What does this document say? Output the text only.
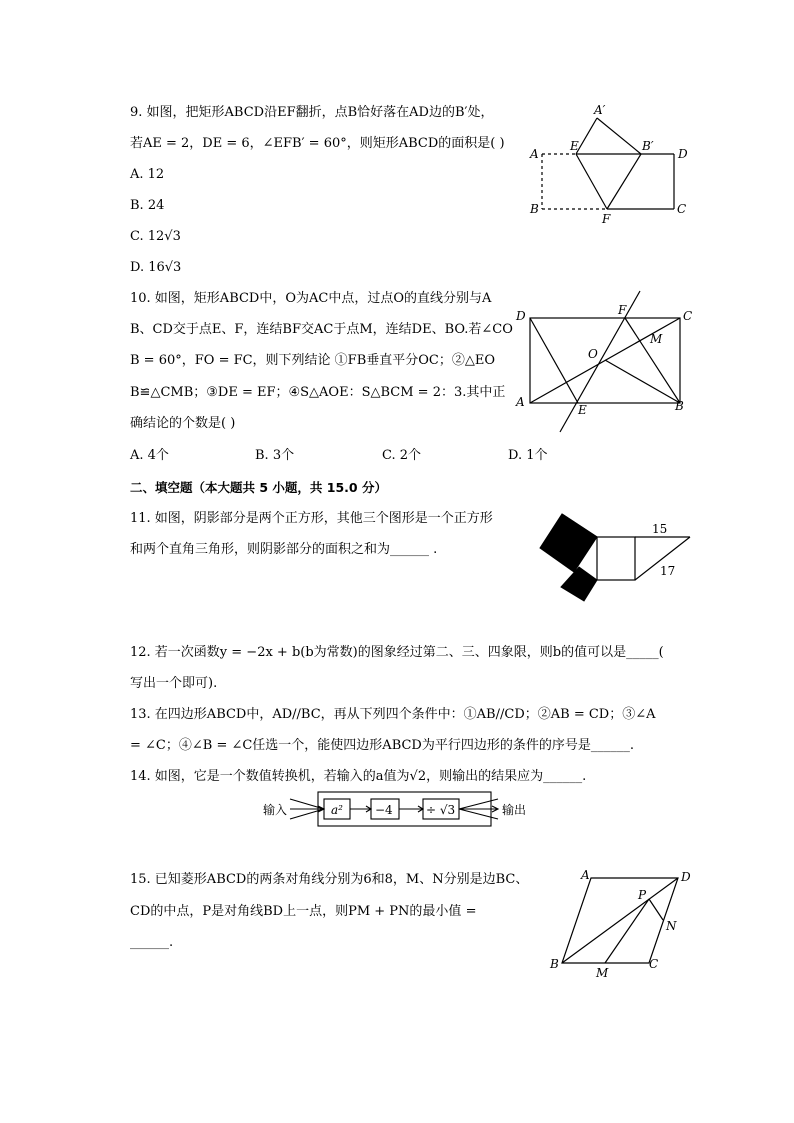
9. 如图，把矩形ABCD沿EF翻折，点B恰好落在AD边的B′处，
若AE = 2，DE = 6，∠EFB′ = 60°，则矩形ABCD的面积是( )
A. 12
B. 24
C. 12√3
D. 16√3
A′
A
E	B′
D
B
F
C
10. 如图，矩形ABCD中，O为AC中点，过点O的直线分别与A
B、CD交于点E、F，连结BF交AC于点M，连结DE、BO.若∠CO
B = 60°，FO = FC，则下列结论 ①FB垂直平分OC；②△EO
B≌△CMB；③DE = EF；④S△AOE：S△BCM = 2：3.其中正
确结论的个数是( )
A. 4个	B. 3个	C. 2个	D. 1个
D	F	C
M
O
A
E	B
二、填空题（本大题共 5 小题，共 15.0 分）
11. 如图，阴影部分是两个正方形，其他三个图形是一个正方形
和两个直角三角形，则阴影部分的面积之和为______ .
15
17
12. 若一次函数y = −2x + b(b为常数)的图象经过第二、三、四象限，则b的值可以是_____(
写出一个即可).
13. 在四边形ABCD中，AD//BC，再从下列四个条件中：①AB//CD；②AB = CD；③∠A
= ∠C；④∠B = ∠C任选一个，能使四边形ABCD为平行四边形的条件的序号是______.
14. 如图，它是一个数值转换机，若输入的a值为√2，则输出的结果应为______.
输入	a²	−4	÷ √3	输出
15. 已知菱形ABCD的两条对角线分别为6和8，M、N分别是边BC、
CD的中点，P是对角线BD上一点，则PM + PN的最小值 =
______.
A	D
P
N
B
M
C
